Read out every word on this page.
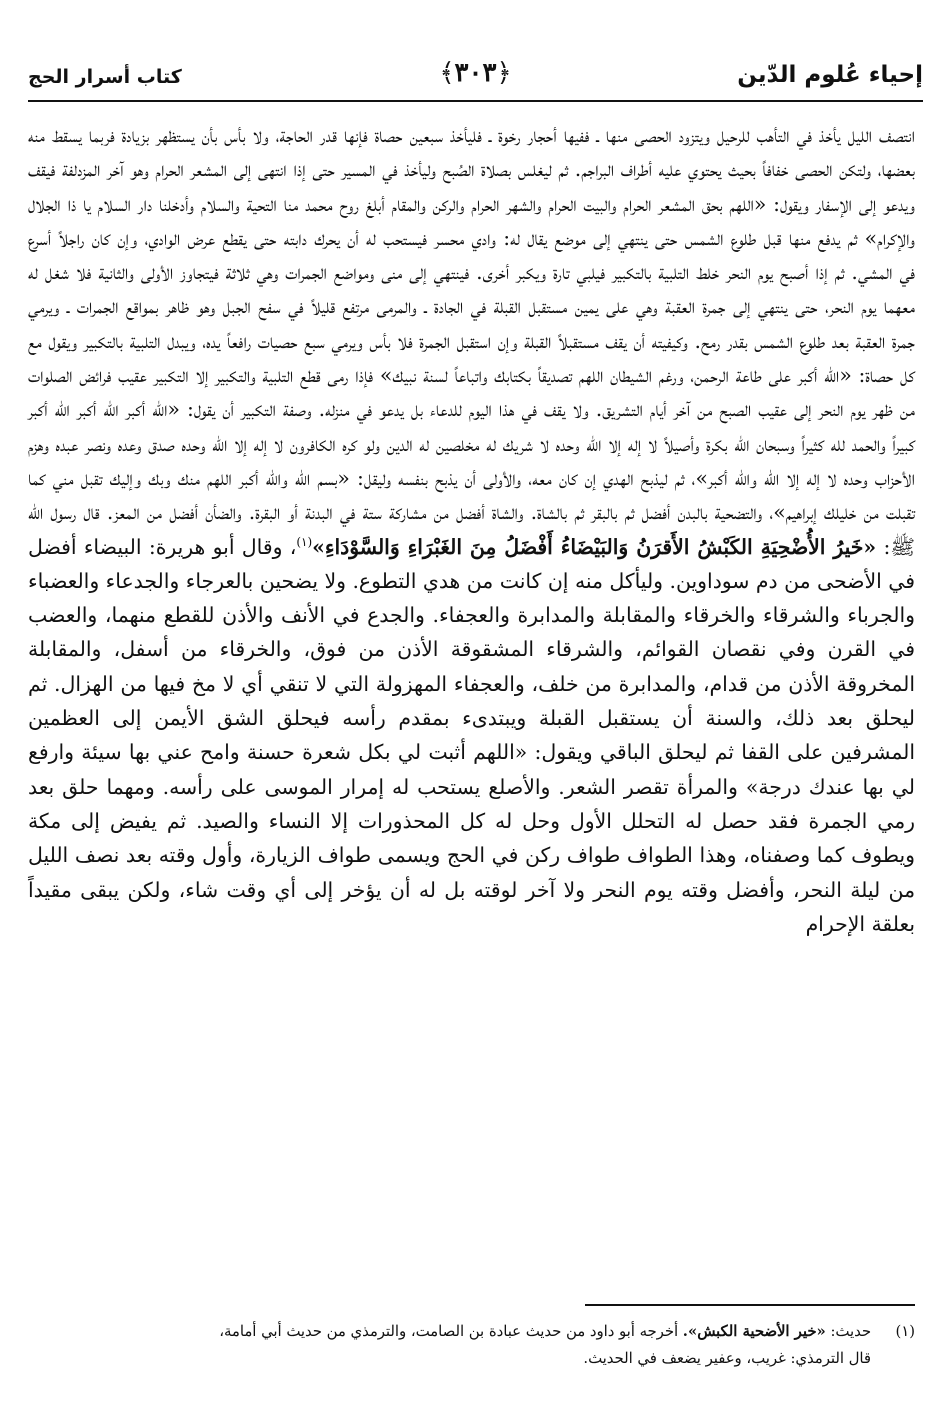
إحياء عُلوم الدّين
﴿٣٠٣﴾
كتاب أسرار الحج

انتصف الليل يأخذ في التأهب للرحيل ويتزود الحصى منها ـ ففيها أحجار رخوة ـ فليأخذ سبعين حصاة فإنها قدر الحاجة، ولا بأس بأن يستظهر بزيادة فربما يسقط منه بعضها، ولتكن الحصى خفافاً بحيث يحتوي عليه أطراف البراجم. ثم ليغلس بصلاة الصُبح وليأخذ في المسير حتى إذا انتهى إلى المشعر الحرام وهو آخر المزدلفة فيقف ويدعو إلى الإسفار ويقول: «اللهم بحق المشعر الحرام والبيت الحرام والشهر الحرام والركن والمقام أبلغ روح محمد منا التحية والسلام وأدخلنا دار السلام يا ذا الجلال والإكرام» ثم يدفع منها قبل طلوع الشمس حتى ينتهي إلى موضع يقال له: وادي محسر فيستحب له أن يحرك دابته حتى يقطع عرض الوادي، وإن كان راجلاً أسرع في المشي. ثم إذا أصبح يوم النحر خلط التلبية بالتكبير فيلبي تارة ويكبر أخرى. فينتهي إلى منى ومواضع الجمرات وهي ثلاثة فيتجاوز الأولى والثانية فلا شغل له معهما يوم النحر، حتى ينتهي إلى جمرة العقبة وهي على يمين مستقبل القبلة في الجادة ـ والمرمى مرتفع قليلاً في سفح الجبل وهو ظاهر بمواقع الجمرات ـ ويرمي جمرة العقبة بعد طلوع الشمس بقدر رمح. وكيفيته أن يقف مستقبلاً القبلة وإن استقبل الجمرة فلا بأس ويرمي سبع حصيات رافعاً يده، ويبدل التلبية بالتكبير ويقول مع كل حصاة: «الله أكبر على طاعة الرحمن، ورغم الشيطان اللهم تصديقاً بكتابك واتباعاً لسنة نبيك» فإذا رمى قطع التلبية والتكبير إلا التكبير عقيب فرائض الصلوات من ظهر يوم النحر إلى عقيب الصبح من آخر أيام التشريق. ولا يقف في هذا اليوم للدعاء بل يدعو في منزله. وصفة التكبير أن يقول: «الله أكبر الله أكبر الله أكبر كبيراً والحمد لله كثيراً وسبحان الله بكرة وأصيلاً لا إله إلا الله وحده لا شريك له مخلصين له الدين ولو كره الكافرون لا إله إلا الله وحده صدق وعده ونصر عبده وهزم الأحزاب وحده لا إله إلا الله والله أكبر»، ثم ليذبح الهدي إن كان معه، والأولى أن يذبح بنفسه وليقل: «بسم الله والله أكبر اللهم منك وبك وإليك تقبل مني كما تقبلت من خليلك إبراهيم»، والتضحية بالبدن أفضل ثم بالبقر ثم بالشاة. والشاة أفضل من مشاركة ستة في البدنة أو البقرة. والضأن أفضل من المعز. قال رسول الله ﷺ: «خَيرُ الأُضْحِيَةِ الكَبْشُ الأَقرَنُ وَالبَيْضَاءُ أَفْضَلُ مِنَ الغَبْرَاءِ وَالسَّوْدَاءِ»$^{(١)}$، وقال أبو هريرة: البيضاء أفضل في الأضحى من دم سوداوين. وليأكل منه إن كانت من هدي التطوع. ولا يضحين بالعرجاء والجدعاء والعضباء والجرباء والشرقاء والخرقاء والمقابلة والمدابرة والعجفاء. والجدع في الأنف والأذن للقطع منهما، والعضب في القرن وفي نقصان القوائم، والشرقاء المشقوقة الأذن من فوق، والخرقاء من أسفل، والمقابلة المخروقة الأذن من قدام، والمدابرة من خلف، والعجفاء المهزولة التي لا تنقي أي لا مخ فيها من الهزال. ثم ليحلق بعد ذلك، والسنة أن يستقبل القبلة ويبتدىء بمقدم رأسه فيحلق الشق الأيمن إلى العظمين المشرفين على القفا ثم ليحلق الباقي ويقول: «اللهم أثبت لي بكل شعرة حسنة وامح عني بها سيئة وارفع لي بها عندك درجة» والمرأة تقصر الشعر. والأصلع يستحب له إمرار الموسى على رأسه. ومهما حلق بعد رمي الجمرة فقد حصل له التحلل الأول وحل له كل المحذورات إلا النساء والصيد. ثم يفيض إلى مكة ويطوف كما وصفناه، وهذا الطواف طواف ركن في الحج ويسمى طواف الزيارة، وأول وقته بعد نصف الليل من ليلة النحر، وأفضل وقته يوم النحر ولا آخر لوقته بل له أن يؤخر إلى أي وقت شاء، ولكن يبقى مقيداً بعلقة الإحرام

(١)حديث: «خير الأضحية الكبش». أخرجه أبو داود من حديث عبادة بن الصامت، والترمذي من حديث أبي أمامة،
قال الترمذي: غريب، وعفير يضعف في الحديث.
